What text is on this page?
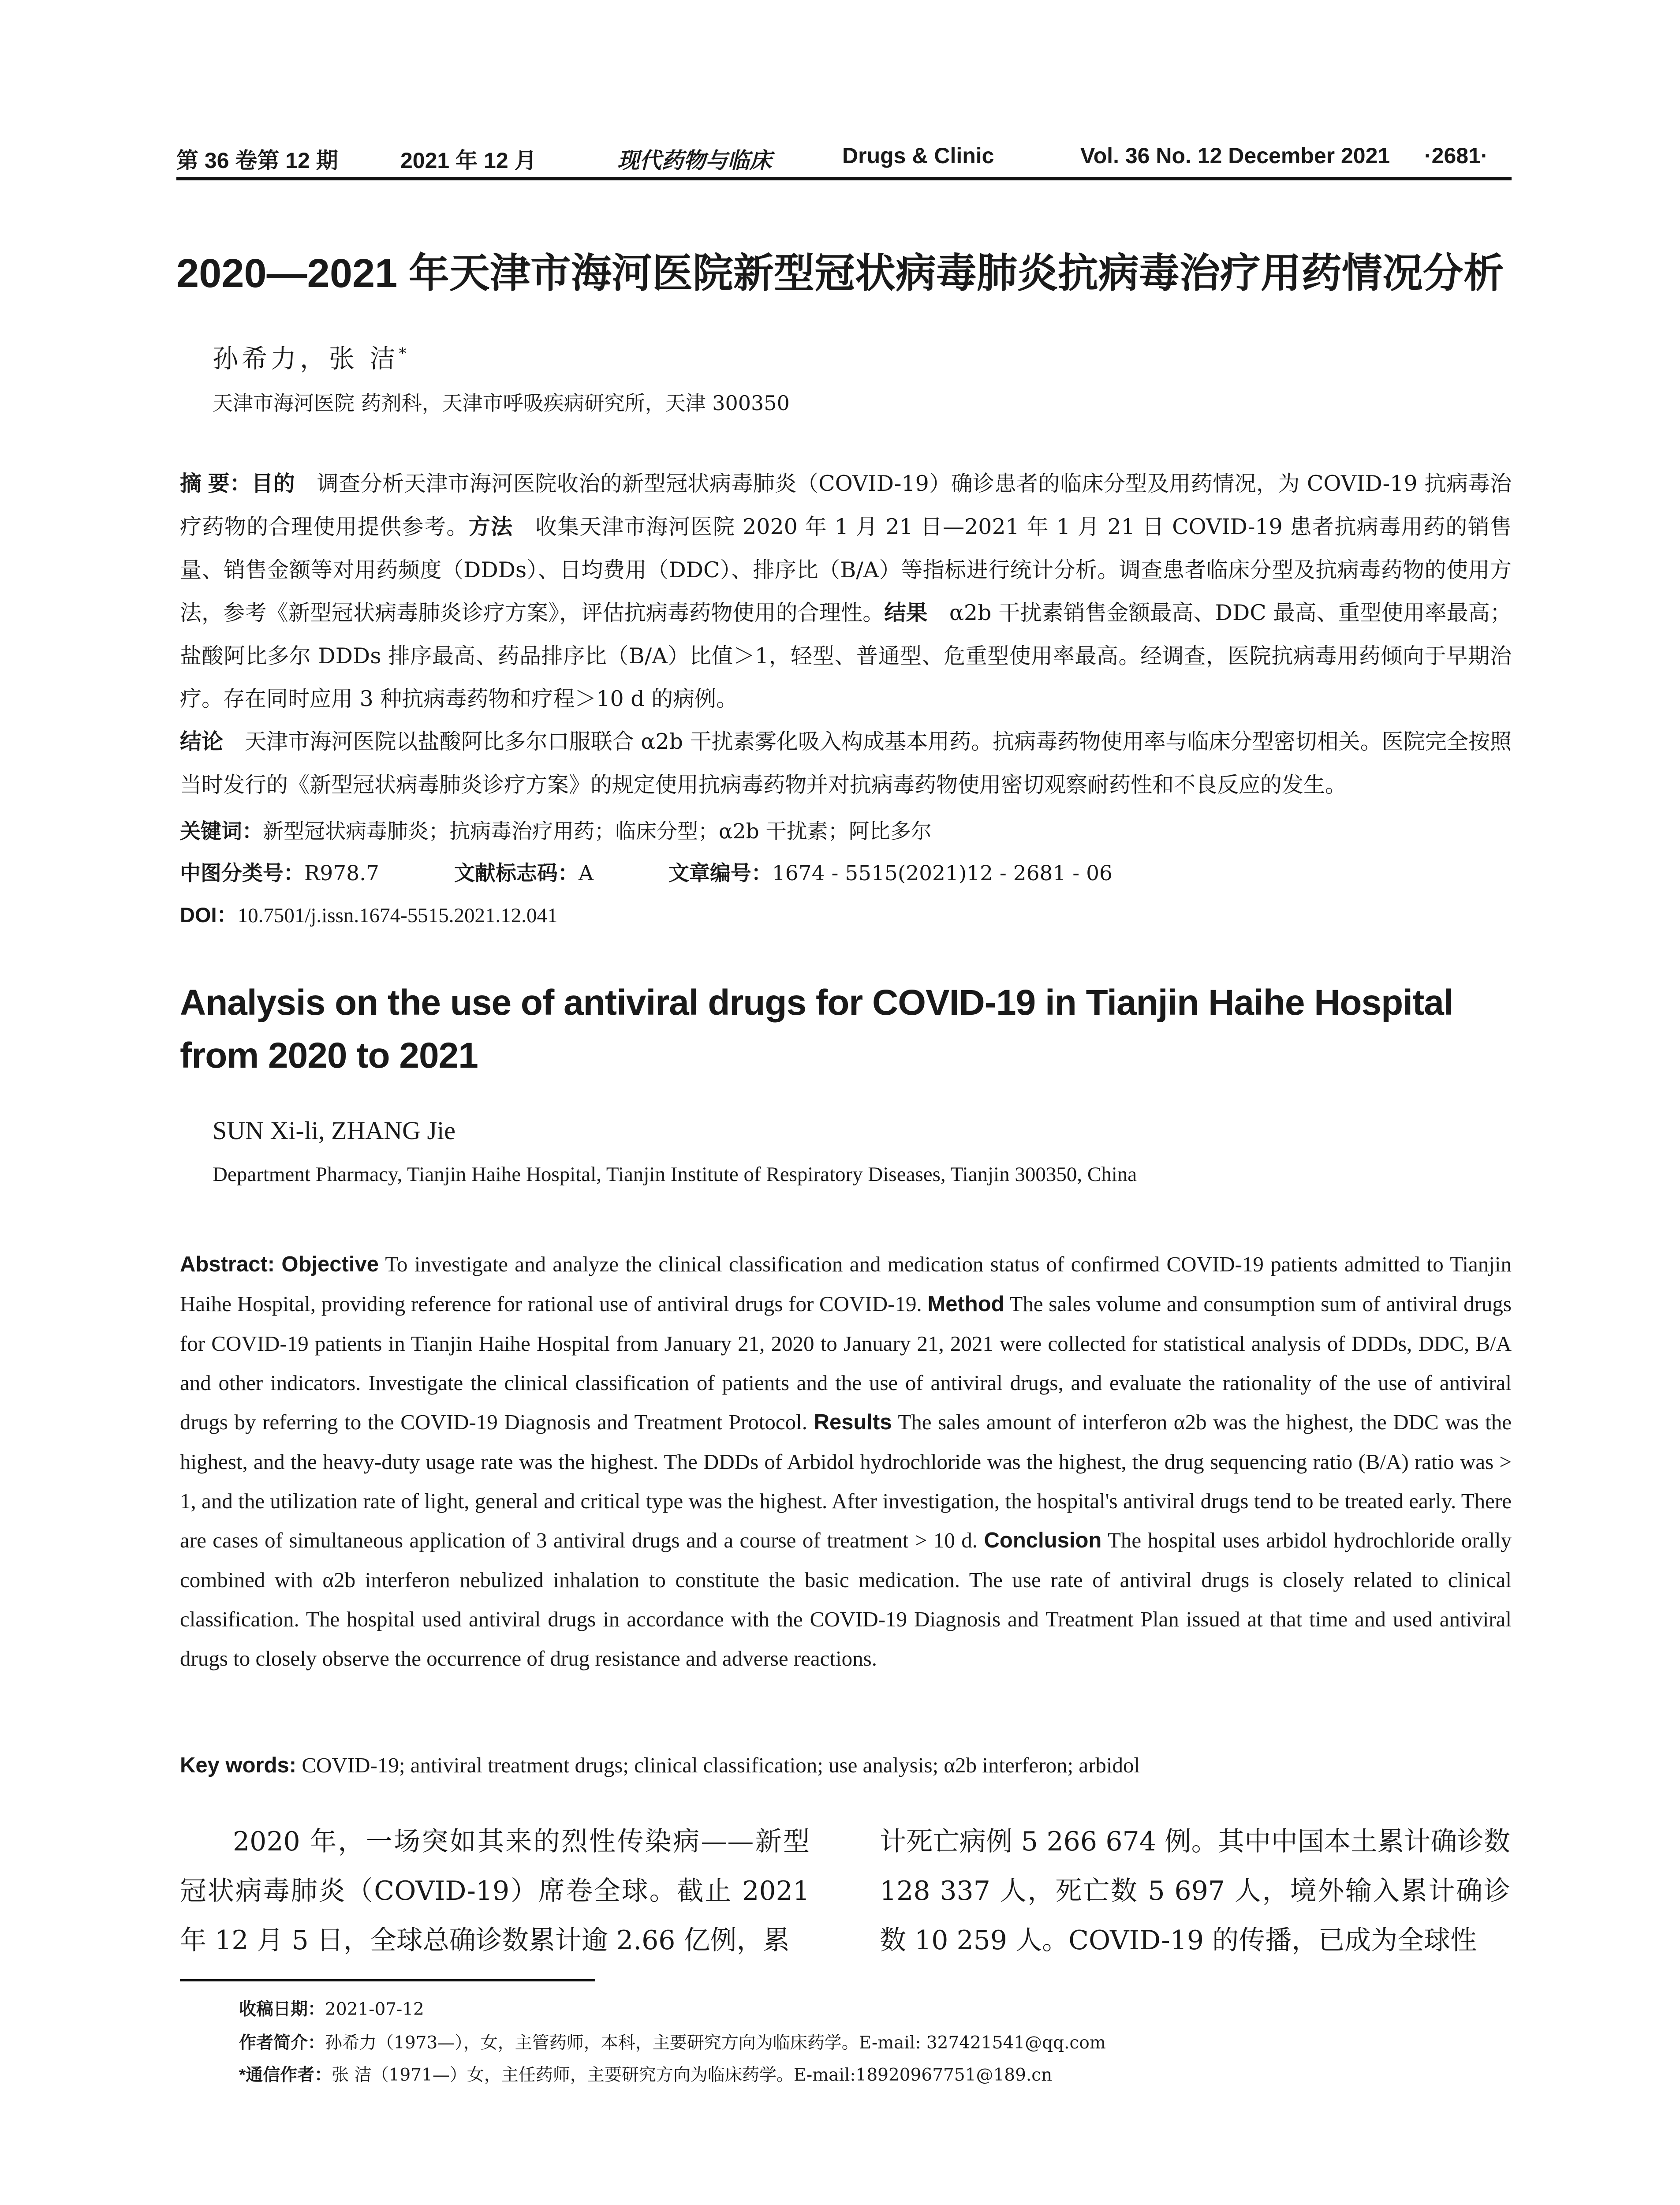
第 36 卷第 12 期	2021 年 12 月	现代药物与临床	Drugs & Clinic	Vol. 36 No. 12 December 2021 ·2681·
2020—2021 年天津市海河医院新型冠状病毒肺炎抗病毒治疗用药情况分析
孙希力，张 洁*
天津市海河医院 药剂科，天津市呼吸疾病研究所，天津 300350
摘 要：目的　 调查分析天津市海河医院收治的新型冠状病毒肺炎（COVID-19）确诊患者的临床分型及用药情况，为 COVID-19 抗病毒治疗药物的合理使用提供参考。方法　 收集天津市海河医院 2020 年 1 月 21 日—2021 年 1 月 21 日 COVID-19 患者抗病毒用药的销售量、销售金额等对用药频度（DDDs）、日均费用（DDC）、排序比（B/A）等指标进行统计分析。调查患者临床分型及抗病毒药物的使用方法，参考《新型冠状病毒肺炎诊疗方案》，评估抗病毒药物使用的合理性。结果　 α2b 干扰素销售金额最高、DDC 最高、重型使用率最高；盐酸阿比多尔 DDDs 排序最高、药品排序比（B/A）比值＞1，轻型、普通型、危重型使用率最高。经调查，医院抗病毒用药倾向于早期治疗。存在同时应用 3 种抗病毒药物和疗程＞10 d 的病例。
结论　 天津市海河医院以盐酸阿比多尔口服联合 α2b 干扰素雾化吸入构成基本用药。抗病毒药物使用率与临床分型密切相关。医院完全按照当时发行的《新型冠状病毒肺炎诊疗方案》的规定使用抗病毒药物并对抗病毒药物使用密切观察耐药性和不良反应的发生。
关键词：新型冠状病毒肺炎；抗病毒治疗用药；临床分型；α2b 干扰素；阿比多尔
中图分类号：R978.7	文献标志码：A	文章编号：1674 - 5515(2021)12 - 2681 - 06
DOI：10.7501/j.issn.1674-5515.2021.12.041
Analysis on the use of antiviral drugs for COVID-19 in Tianjin Haihe Hospital from 2020 to 2021
SUN Xi-li, ZHANG Jie
Department Pharmacy, Tianjin Haihe Hospital, Tianjin Institute of Respiratory Diseases, Tianjin 300350, China
Abstract: Objective To investigate and analyze the clinical classification and medication status of confirmed COVID-19 patients admitted to Tianjin Haihe Hospital, providing reference for rational use of antiviral drugs for COVID-19. Method The sales volume and consumption sum of antiviral drugs for COVID-19 patients in Tianjin Haihe Hospital from January 21, 2020 to January 21, 2021 were collected for statistical analysis of DDDs, DDC, B/A and other indicators. Investigate the clinical classification of patients and the use of antiviral drugs, and evaluate the rationality of the use of antiviral drugs by referring to the COVID-19 Diagnosis and Treatment Protocol. Results The sales amount of interferon α2b was the highest, the DDC was the highest, and the heavy-duty usage rate was the highest. The DDDs of Arbidol hydrochloride was the highest, the drug sequencing ratio (B/A) ratio was > 1, and the utilization rate of light, general and critical type was the highest. After investigation, the hospital's antiviral drugs tend to be treated early. There are cases of simultaneous application of 3 antiviral drugs and a course of treatment > 10 d. Conclusion The hospital uses arbidol hydrochloride orally combined with α2b interferon nebulized inhalation to constitute the basic medication. The use rate of antiviral drugs is closely related to clinical classification. The hospital used antiviral drugs in accordance with the COVID-19 Diagnosis and Treatment Plan issued at that time and used antiviral drugs to closely observe the occurrence of drug resistance and adverse reactions.
Key words: COVID-19; antiviral treatment drugs; clinical classification; use analysis; α2b interferon; arbidol
2020 年，一场突如其来的烈性传染病——新型冠状病毒肺炎（COVID-19）席卷全球。截止 2021 年 12 月 5 日，全球总确诊数累计逾 2.66 亿例，累
计死亡病例 5 266 674 例。其中中国本土累计确诊数 128 337 人，死亡数 5 697 人，境外输入累计确诊数 10 259 人。COVID-19 的传播，已成为全球性
收稿日期：2021-07-12
作者简介：孙希力（1973—），女，主管药师，本科，主要研究方向为临床药学。E-mail: 327421541@qq.com
*通信作者：张 洁（1971—）女，主任药师，主要研究方向为临床药学。E-mail:18920967751@189.cn
